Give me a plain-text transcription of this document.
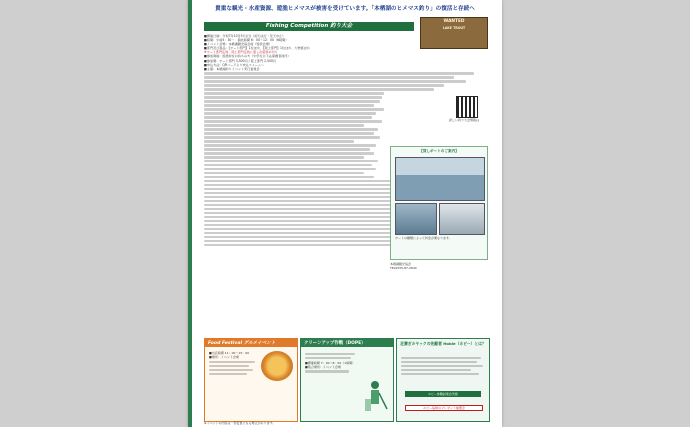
貴重な観光・水産資源、遊漁ヒメマスが被害を受けています。「本栖湖のヒメマス釣り」の復活と存続へ
Fishing Competition 釣り大会
WANTED
LAKE TROUT
■開催日時：令和7年10月5日(日)（雨天決行・荒天中止）
■時間：午前5：30〜　競技時間 6：00〜12：00（6時間）
■イベント会場：本栖湖観光協会前（特設会場）
■部門及び賞品：【ボート部門】1位ほか、【陸上部門】1位ほか、大物賞ほか
※ボート部門定員、陸上部門定員に達し次第締め切り
■参加資格：遊漁券をお持ちの方（中学生以下は保護者同伴）
■参加費：ボート部門 3,500円 / 陸上部門 2,500円
■申込方法：QRコードより申込フォームへ
■主催：本栖湖釣りイベント実行委員会
詳しい釣り大会情報は
【貸しボートのご案内】
ボートの種類によって料金が異なります。
本栖湖観光協会
TEL0555-87-2844
Food Festival グルメイベント
■出店時間 11：00〜15：00
■場所：イベント会場
クリーンアップ作戦（DOPE）
■開催時間 7：00〜8：00（1時間）
■集合場所：イベント会場
足漕ぎカヤックの先駆者 Hobie（ホビー）とは？
ホビー体験試乗会実施
ホビー協賛のプレゼント抽選会
※イベントの内容は一部変更になる場合があります。
